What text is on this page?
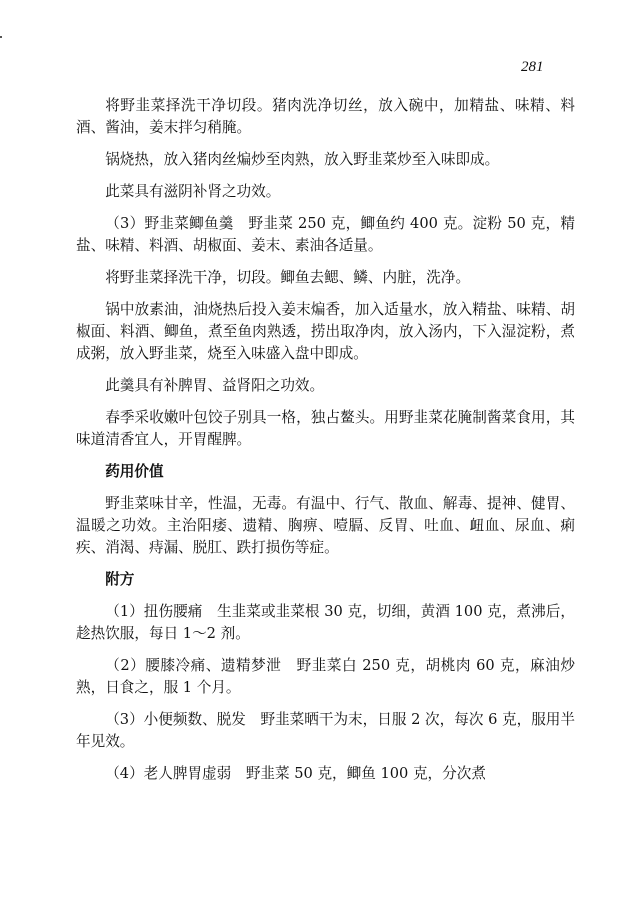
281

将野韭菜择洗干净切段。猪肉洗净切丝，放入碗中，加精盐、味精、料酒、酱油，姜末拌匀稍腌。

锅烧热，放入猪肉丝煸炒至肉熟，放入野韭菜炒至入味即成。

此菜具有滋阴补肾之功效。

（3）野韭菜鲫鱼羹　野韭菜 250 克，鲫鱼约 400 克。淀粉 50 克，精盐、味精、料酒、胡椒面、姜末、素油各适量。

将野韭菜择洗干净，切段。鲫鱼去鳃、鳞、内脏，洗净。

锅中放素油，油烧热后投入姜末煸香，加入适量水，放入精盐、味精、胡椒面、料酒、鲫鱼，煮至鱼肉熟透，捞出取净肉，放入汤内，下入湿淀粉，煮成粥，放入野韭菜，烧至入味盛入盘中即成。

此羹具有补脾胃、益肾阳之功效。

春季采收嫩叶包饺子别具一格，独占鳌头。用野韭菜花腌制酱菜食用，其味道清香宜人，开胃醒脾。

药用价值

野韭菜味甘辛，性温，无毒。有温中、行气、散血、解毒、提神、健胃、温暖之功效。主治阳痿、遗精、胸痹、噎膈、反胃、吐血、衄血、尿血、痢疾、消渴、痔漏、脱肛、跌打损伤等症。

附方

（1）扭伤腰痛　生韭菜或韭菜根 30 克，切细，黄酒 100 克，煮沸后，趁热饮服，每日 1～2 剂。

（2）腰膝冷痛、遗精梦泄　野韭菜白 250 克，胡桃肉 60 克，麻油炒熟，日食之，服 1 个月。

（3）小便频数、脱发　野韭菜晒干为末，日服 2 次，每次 6 克，服用半年见效。

（4）老人脾胃虚弱　野韭菜 50 克，鲫鱼 100 克，分次煮
